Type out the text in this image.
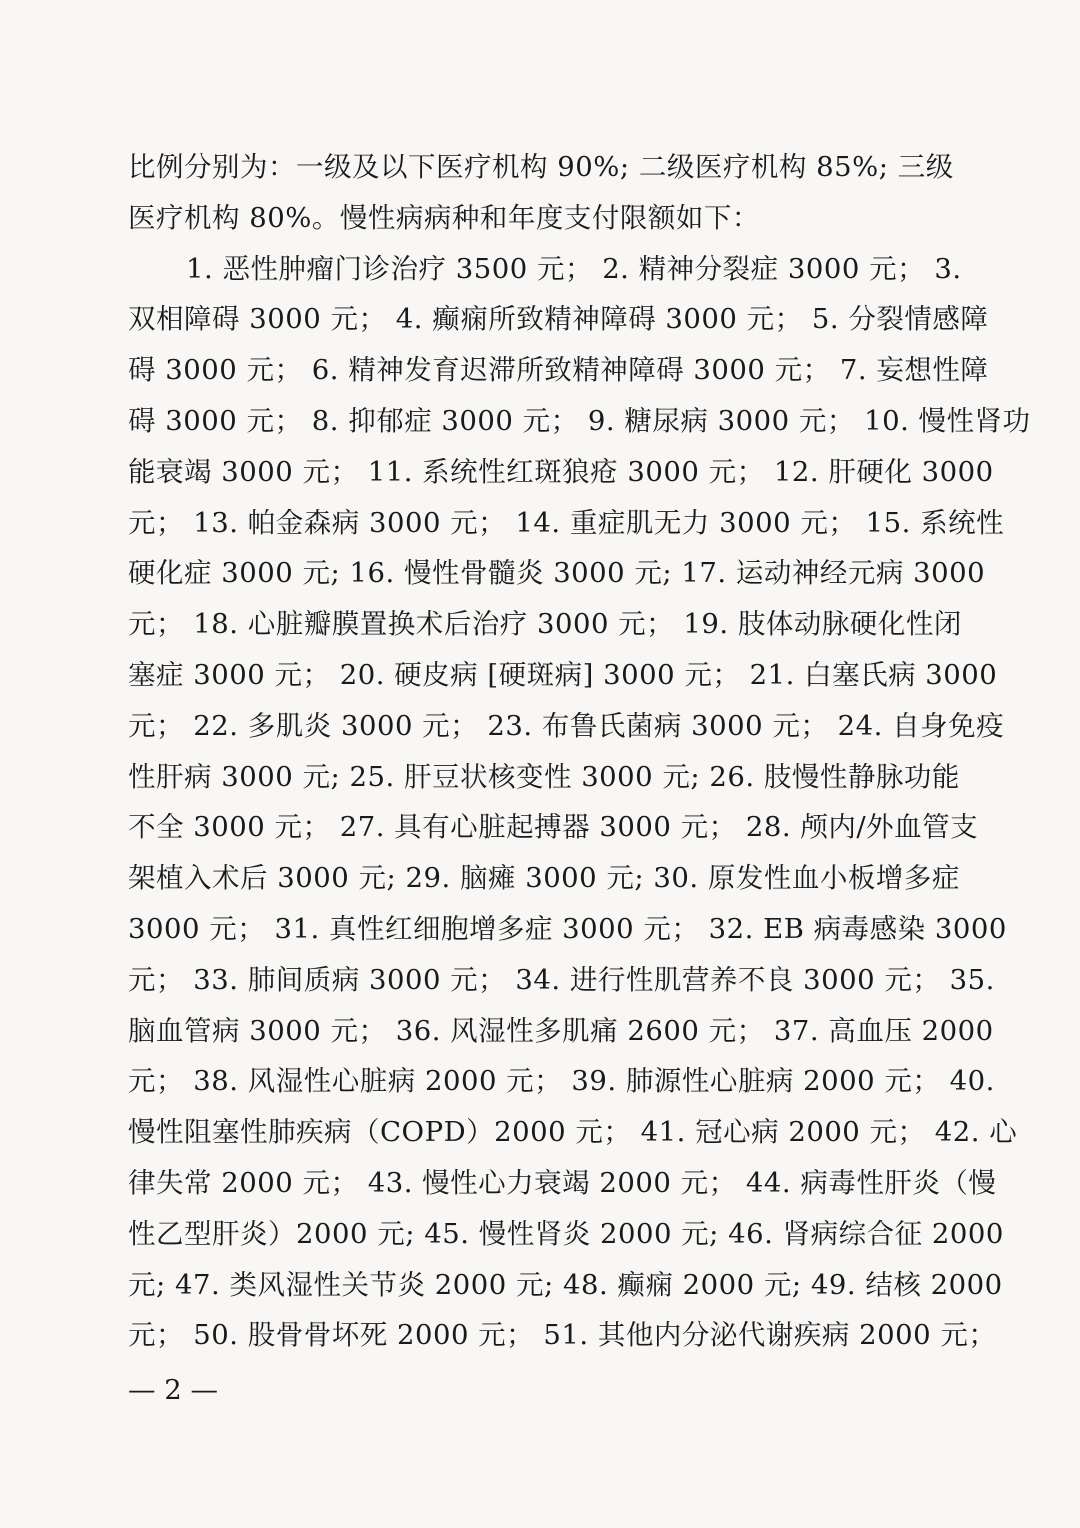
比例分别为：一级及以下医疗机构 90%; 二级医疗机构 85%; 三级
医疗机构 80%。慢性病病种和年度支付限额如下：
1. 恶性肿瘤门诊治疗 3500 元； 2. 精神分裂症 3000 元； 3.
双相障碍 3000 元； 4. 癫痫所致精神障碍 3000 元； 5. 分裂情感障
碍 3000 元； 6. 精神发育迟滞所致精神障碍 3000 元； 7. 妄想性障
碍 3000 元； 8. 抑郁症 3000 元； 9. 糖尿病 3000 元； 10. 慢性肾功
能衰竭 3000 元； 11. 系统性红斑狼疮 3000 元； 12. 肝硬化 3000
元； 13. 帕金森病 3000 元； 14. 重症肌无力 3000 元； 15. 系统性
硬化症 3000 元; 16. 慢性骨髓炎 3000 元; 17. 运动神经元病 3000
元； 18. 心脏瓣膜置换术后治疗 3000 元； 19. 肢体动脉硬化性闭
塞症 3000 元； 20. 硬皮病 [硬斑病] 3000 元； 21. 白塞氏病 3000
元； 22. 多肌炎 3000 元； 23. 布鲁氏菌病 3000 元； 24. 自身免疫
性肝病 3000 元; 25. 肝豆状核变性 3000 元; 26. 肢慢性静脉功能
不全 3000 元； 27. 具有心脏起搏器 3000 元； 28. 颅内/外血管支
架植入术后 3000 元; 29. 脑瘫 3000 元; 30. 原发性血小板增多症
3000 元； 31. 真性红细胞增多症 3000 元； 32. EB 病毒感染 3000
元； 33. 肺间质病 3000 元； 34. 进行性肌营养不良 3000 元； 35.
脑血管病 3000 元； 36. 风湿性多肌痛 2600 元； 37. 高血压 2000
元； 38. 风湿性心脏病 2000 元； 39. 肺源性心脏病 2000 元； 40.
慢性阻塞性肺疾病（COPD）2000 元； 41. 冠心病 2000 元； 42. 心
律失常 2000 元； 43. 慢性心力衰竭 2000 元； 44. 病毒性肝炎（慢
性乙型肝炎）2000 元; 45. 慢性肾炎 2000 元; 46. 肾病综合征 2000
元; 47. 类风湿性关节炎 2000 元; 48. 癫痫 2000 元; 49. 结核 2000
元； 50. 股骨骨坏死 2000 元； 51. 其他内分泌代谢疾病 2000 元；
— 2 —
